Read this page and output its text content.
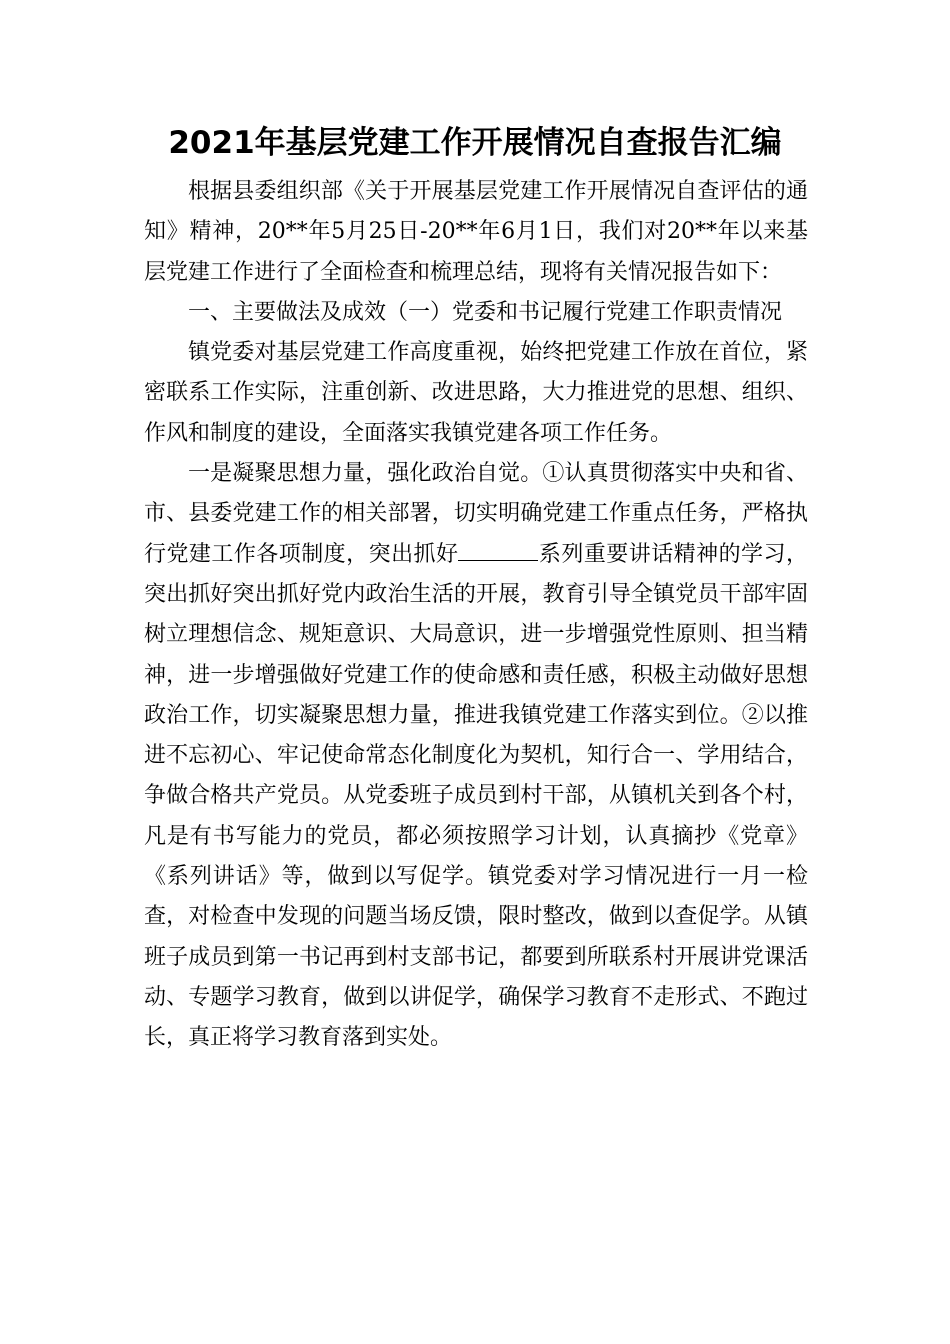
2021年基层党建工作开展情况自查报告汇编

根据县委组织部《关于开展基层党建工作开展情况自查评估的通知》精神，20**年5月25日-20**年6月1日，我们对20**年以来基层党建工作进行了全面检查和梳理总结，现将有关情况报告如下：

一、主要做法及成效（一）党委和书记履行党建工作职责情况

镇党委对基层党建工作高度重视，始终把党建工作放在首位，紧密联系工作实际，注重创新、改进思路，大力推进党的思想、组织、作风和制度的建设，全面落实我镇党建各项工作任务。

一是凝聚思想力量，强化政治自觉。①认真贯彻落实中央和省、市、县委党建工作的相关部署，切实明确党建工作重点任务，严格执行党建工作各项制度，突出抓好	系列重要讲话精神的学习，突出抓好突出抓好党内政治生活的开展，教育引导全镇党员干部牢固树立理想信念、规矩意识、大局意识，进一步增强党性原则、担当精神，进一步增强做好党建工作的使命感和责任感，积极主动做好思想政治工作，切实凝聚思想力量，推进我镇党建工作落实到位。②以推进不忘初心、牢记使命常态化制度化为契机，知行合一、学用结合，争做合格共产党员。从党委班子成员到村干部，从镇机关到各个村，凡是有书写能力的党员，都必须按照学习计划，认真摘抄《党章》《系列讲话》等，做到以写促学。镇党委对学习情况进行一月一检查，对检查中发现的问题当场反馈，限时整改，做到以查促学。从镇班子成员到第一书记再到村支部书记，都要到所联系村开展讲党课活动、专题学习教育，做到以讲促学，确保学习教育不走形式、不跑过长，真正将学习教育落到实处。
